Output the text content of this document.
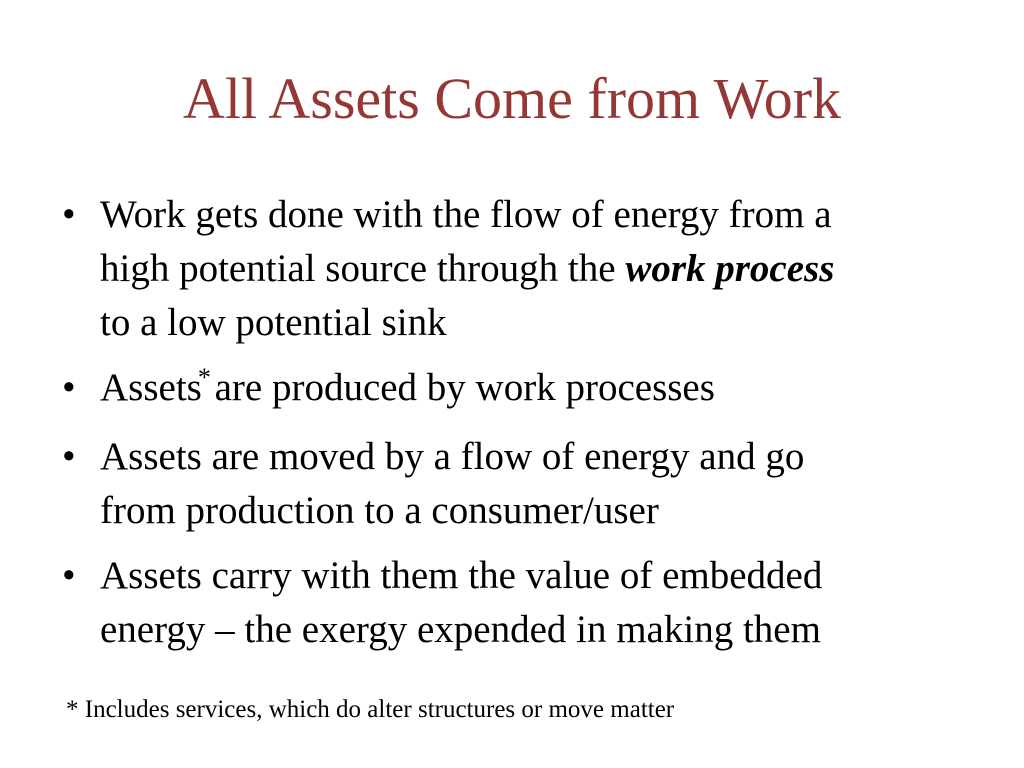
All Assets Come from Work
• Work gets done with the flow of energy from a
high potential source through the work process
to a low potential sink
• Assets* are produced by work processes
• Assets are moved by a flow of energy and go
from production to a consumer/user
• Assets carry with them the value of embedded
energy – the exergy expended in making them
* Includes services, which do alter structures or move matter
